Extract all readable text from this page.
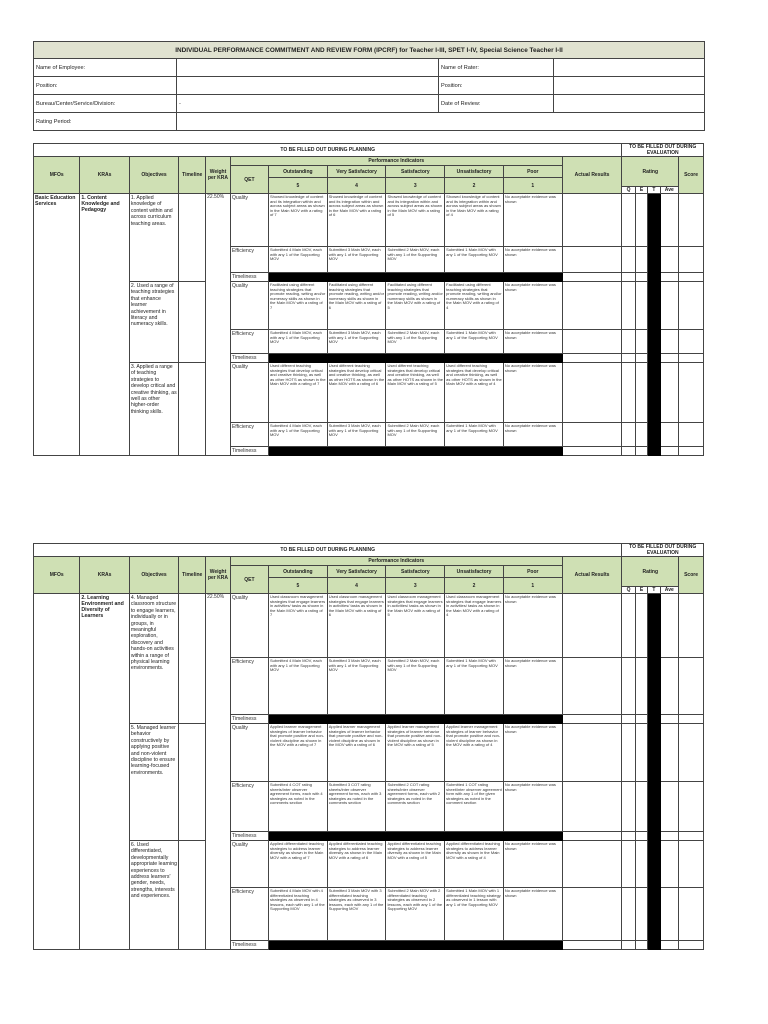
INDIVIDUAL PERFORMANCE COMMITMENT AND REVIEW FORM (IPCRF) for Teacher I-III, SPET I-IV, Special Science Teacher I-II			
Name of Employee:		Name of Rater:	
Position:		Position:	
Bureau/Center/Service/Division:	-	Date of Review:	
Rating Period:			
TO BE FILLED OUT DURING PLANNING												TO BE FILLED OUT DURING EVALUATION				
MFOs	KRAs	Objectives	Timeline	Weight per KRA	Performance Indicators						Actual Results	Rating				Score
					QET	Outstanding	Very Satisfactory	Satisfactory	Unsatisfactory	Poor						
						5	4	3	2	1						
												Q	E	T	Ave	
Basic Education Services	1. Content Knowledge and Pedagogy	1. Applied knowledge of content within and across curriculum teaching areas.		22.50%	Quality	Showed knowledge of content and its integration within and across subject areas as shown in the Main MOV with a rating of 7	Showed knowledge of content and its integration within and across subject areas as shown in the Main MOV with a rating of 6	Showed knowledge of content and its integration within and across subject areas as shown in the Main MOV with a rating of 5	Showed knowledge of content and its integration within and across subject areas as shown in the Main MOV with a rating of 4	No acceptable evidence was shown						
					Efficiency	Submitted 4 Main MOV, each with any 1 of the Supporting MOV	Submitted 3 Main MOV, each with any 1 of the Supporting MOV	Submitted 2 Main MOV, each with any 1 of the Supporting MOV	Submitted 1 Main MOV with any 1 of the Supporting MOV	No acceptable evidence was shown						
					Timeliness											
		2. Used a range of teaching strategies that enhance learner achievement in literacy and numeracy skills.			Quality	Facilitated using different teaching strategies that promote reading, writing and/or numeracy skills as shown in the Main MOV with a rating of 7	Facilitated using different teaching strategies that promote reading, writing and/or numeracy skills as shown in the Main MOV with a rating of 6	Facilitated using different teaching strategies that promote reading, writing and/or numeracy skills as shown in the Main MOV with a rating of 5	Facilitated using different teaching strategies that promote reading, writing and/or numeracy skills as shown in the Main MOV with a rating of 4	No acceptable evidence was shown						
					Efficiency	Submitted 4 Main MOV, each with any 1 of the Supporting MOV	Submitted 3 Main MOV, each with any 1 of the Supporting MOV	Submitted 2 Main MOV, each with any 1 of the Supporting MOV	Submitted 1 Main MOV with any 1 of the Supporting MOV	No acceptable evidence was shown						
					Timeliness											
		3. Applied a range of teaching strategies to develop critical and creative thinking, as well as other higher-order thinking skills.			Quality	Used different teaching strategies that develop critical and creative thinking, as well as other HOTS as shown in the Main MOV with a rating of 7	Used different teaching strategies that develop critical and creative thinking, as well as other HOTS as shown in the Main MOV with a rating of 6	Used different teaching strategies that develop critical and creative thinking, as well as other HOTS as shown in the Main MOV with a rating of 5	Used different teaching strategies that develop critical and creative thinking, as well as other HOTS as shown in the Main MOV with a rating of 4	No acceptable evidence was shown						
					Efficiency	Submitted 4 Main MOV, each with any 1 of the Supporting MOV	Submitted 3 Main MOV, each with any 1 of the Supporting MOV	Submitted 2 Main MOV, each with any 1 of the Supporting MOV	Submitted 1 Main MOV with any 1 of the Supporting MOV	No acceptable evidence was shown						
					Timeliness											
TO BE FILLED OUT DURING PLANNING												TO BE FILLED OUT DURING EVALUATION				
MFOs	KRAs	Objectives	Timeline	Weight per KRA	Performance Indicators						Actual Results	Rating				Score
					QET	Outstanding	Very Satisfactory	Satisfactory	Unsatisfactory	Poor						
						5	4	3	2	1						
												Q	E	T	Ave	
	2. Learning Environment and Diversity of Learners	4. Managed classroom structure to engage learners, individually or in groups, in meaningful exploration, discovery and hands-on activities within a range of physical learning environments.		22.50%	Quality	Used classroom management strategies that engage learners in activities/ tasks as shown in the Main MOV with a rating of 7	Used classroom management strategies that engage learners in activities/ tasks as shown in the Main MOV with a rating of 6	Used classroom management strategies that engage learners in activities/ tasks as shown in the Main MOV with a rating of 5	Used classroom management strategies that engage learners in activities/ tasks as shown in the Main MOV with a rating of 4	No acceptable evidence was shown						
					Efficiency	Submitted 4 Main MOV, each with any 1 of the Supporting MOV	Submitted 3 Main MOV, each with any 1 of the Supporting MOV	Submitted 2 Main MOV, each with any 1 of the Supporting MOV	Submitted 1 Main MOV with any 1 of the Supporting MOV	No acceptable evidence was shown						
					Timeliness											
		5. Managed learner behavior constructively by applying positive and non-violent discipline to ensure learning-focused environments.			Quality	Applied learner management strategies of learner behavior that promote positive and non-violent discipline as shown in the MOV with a rating of 7	Applied learner management strategies of learner behavior that promote positive and non-violent discipline as shown in the MOV with a rating of 6	Applied learner management strategies of learner behavior that promote positive and non-violent discipline as shown in the MOV with a rating of 5	Applied learner management strategies of learner behavior that promote positive and non-violent discipline as shown in the MOV with a rating of 4	No acceptable evidence was shown						
					Efficiency	Submitted 4 COT rating sheets/inter observer agreement forms, each with 4 strategies as noted in the comments section	Submitted 3 COT rating sheets/inter observer agreement forms, each with 3 strategies as noted in the comments section	Submitted 2 COT rating sheets/inter observer agreement forms, each with 2 strategies as noted in the comments section	Submitted 1 COT rating sheet/inter observer agreement form with any 1 of the given strategies as noted in the comment section	No acceptable evidence was shown						
					Timeliness											
		6. Used differentiated, developmentally appropriate learning experiences to address learners' gender, needs, strengths, interests and experiences.			Quality	Applied differentiated teaching strategies to address learner diversity as shown in the Main MOV with a rating of 7	Applied differentiated teaching strategies to address learner diversity as shown in the Main MOV with a rating of 6	Applied differentiated teaching strategies to address learner diversity as shown in the Main MOV with a rating of 5	Applied differentiated teaching strategies to address learner diversity as shown in the Main MOV with a rating of 4	No acceptable evidence was shown						
					Efficiency	Submitted 4 Main MOV with 4 differentiated teaching strategies as observed in 4 lessons, each with any 1 of the Supporting MOV	Submitted 3 Main MOV with 3 differentiated teaching strategies as observed in 3 lessons, each with any 1 of the Supporting MOV	Submitted 2 Main MOV with 2 differentiated teaching strategies as observed in 2 lessons, each with any 1 of the Supporting MOV	Submitted 1 Main MOV with 1 differentiated teaching strategy as observed in 1 lesson with any 1 of the Supporting MOV	No acceptable evidence was shown						
					Timeliness											
